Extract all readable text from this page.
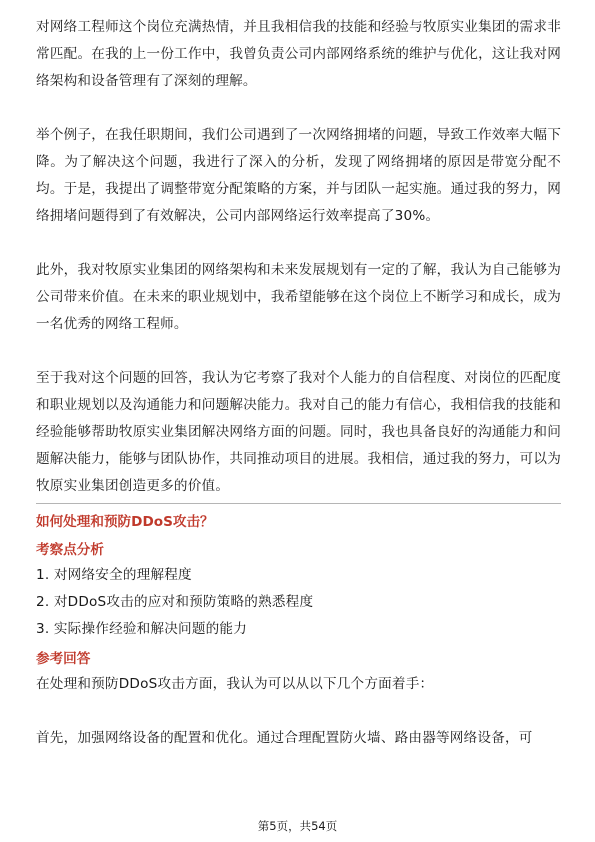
对网络工程师这个岗位充满热情，并且我相信我的技能和经验与牧原实业集团的需求非常匹配。在我的上一份工作中，我曾负责公司内部网络系统的维护与优化，这让我对网络架构和设备管理有了深刻的理解。

举个例子，在我任职期间，我们公司遇到了一次网络拥堵的问题，导致工作效率大幅下降。为了解决这个问题，我进行了深入的分析，发现了网络拥堵的原因是带宽分配不均。于是，我提出了调整带宽分配策略的方案，并与团队一起实施。通过我的努力，网络拥堵问题得到了有效解决，公司内部网络运行效率提高了30%。

此外，我对牧原实业集团的网络架构和未来发展规划有一定的了解，我认为自己能够为公司带来价值。在未来的职业规划中，我希望能够在这个岗位上不断学习和成长，成为一名优秀的网络工程师。

至于我对这个问题的回答，我认为它考察了我对个人能力的自信程度、对岗位的匹配度和职业规划以及沟通能力和问题解决能力。我对自己的能力有信心，我相信我的技能和经验能够帮助牧原实业集团解决网络方面的问题。同时，我也具备良好的沟通能力和问题解决能力，能够与团队协作，共同推动项目的进展。我相信，通过我的努力，可以为牧原实业集团创造更多的价值。

如何处理和预防DDoS攻击？

考察点分析

1. 对网络安全的理解程度
2. 对DDoS攻击的应对和预防策略的熟悉程度
3. 实际操作经验和解决问题的能力

参考回答

在处理和预防DDoS攻击方面，我认为可以从以下几个方面着手：

首先，加强网络设备的配置和优化。通过合理配置防火墙、路由器等网络设备，可

第5页，共54页
